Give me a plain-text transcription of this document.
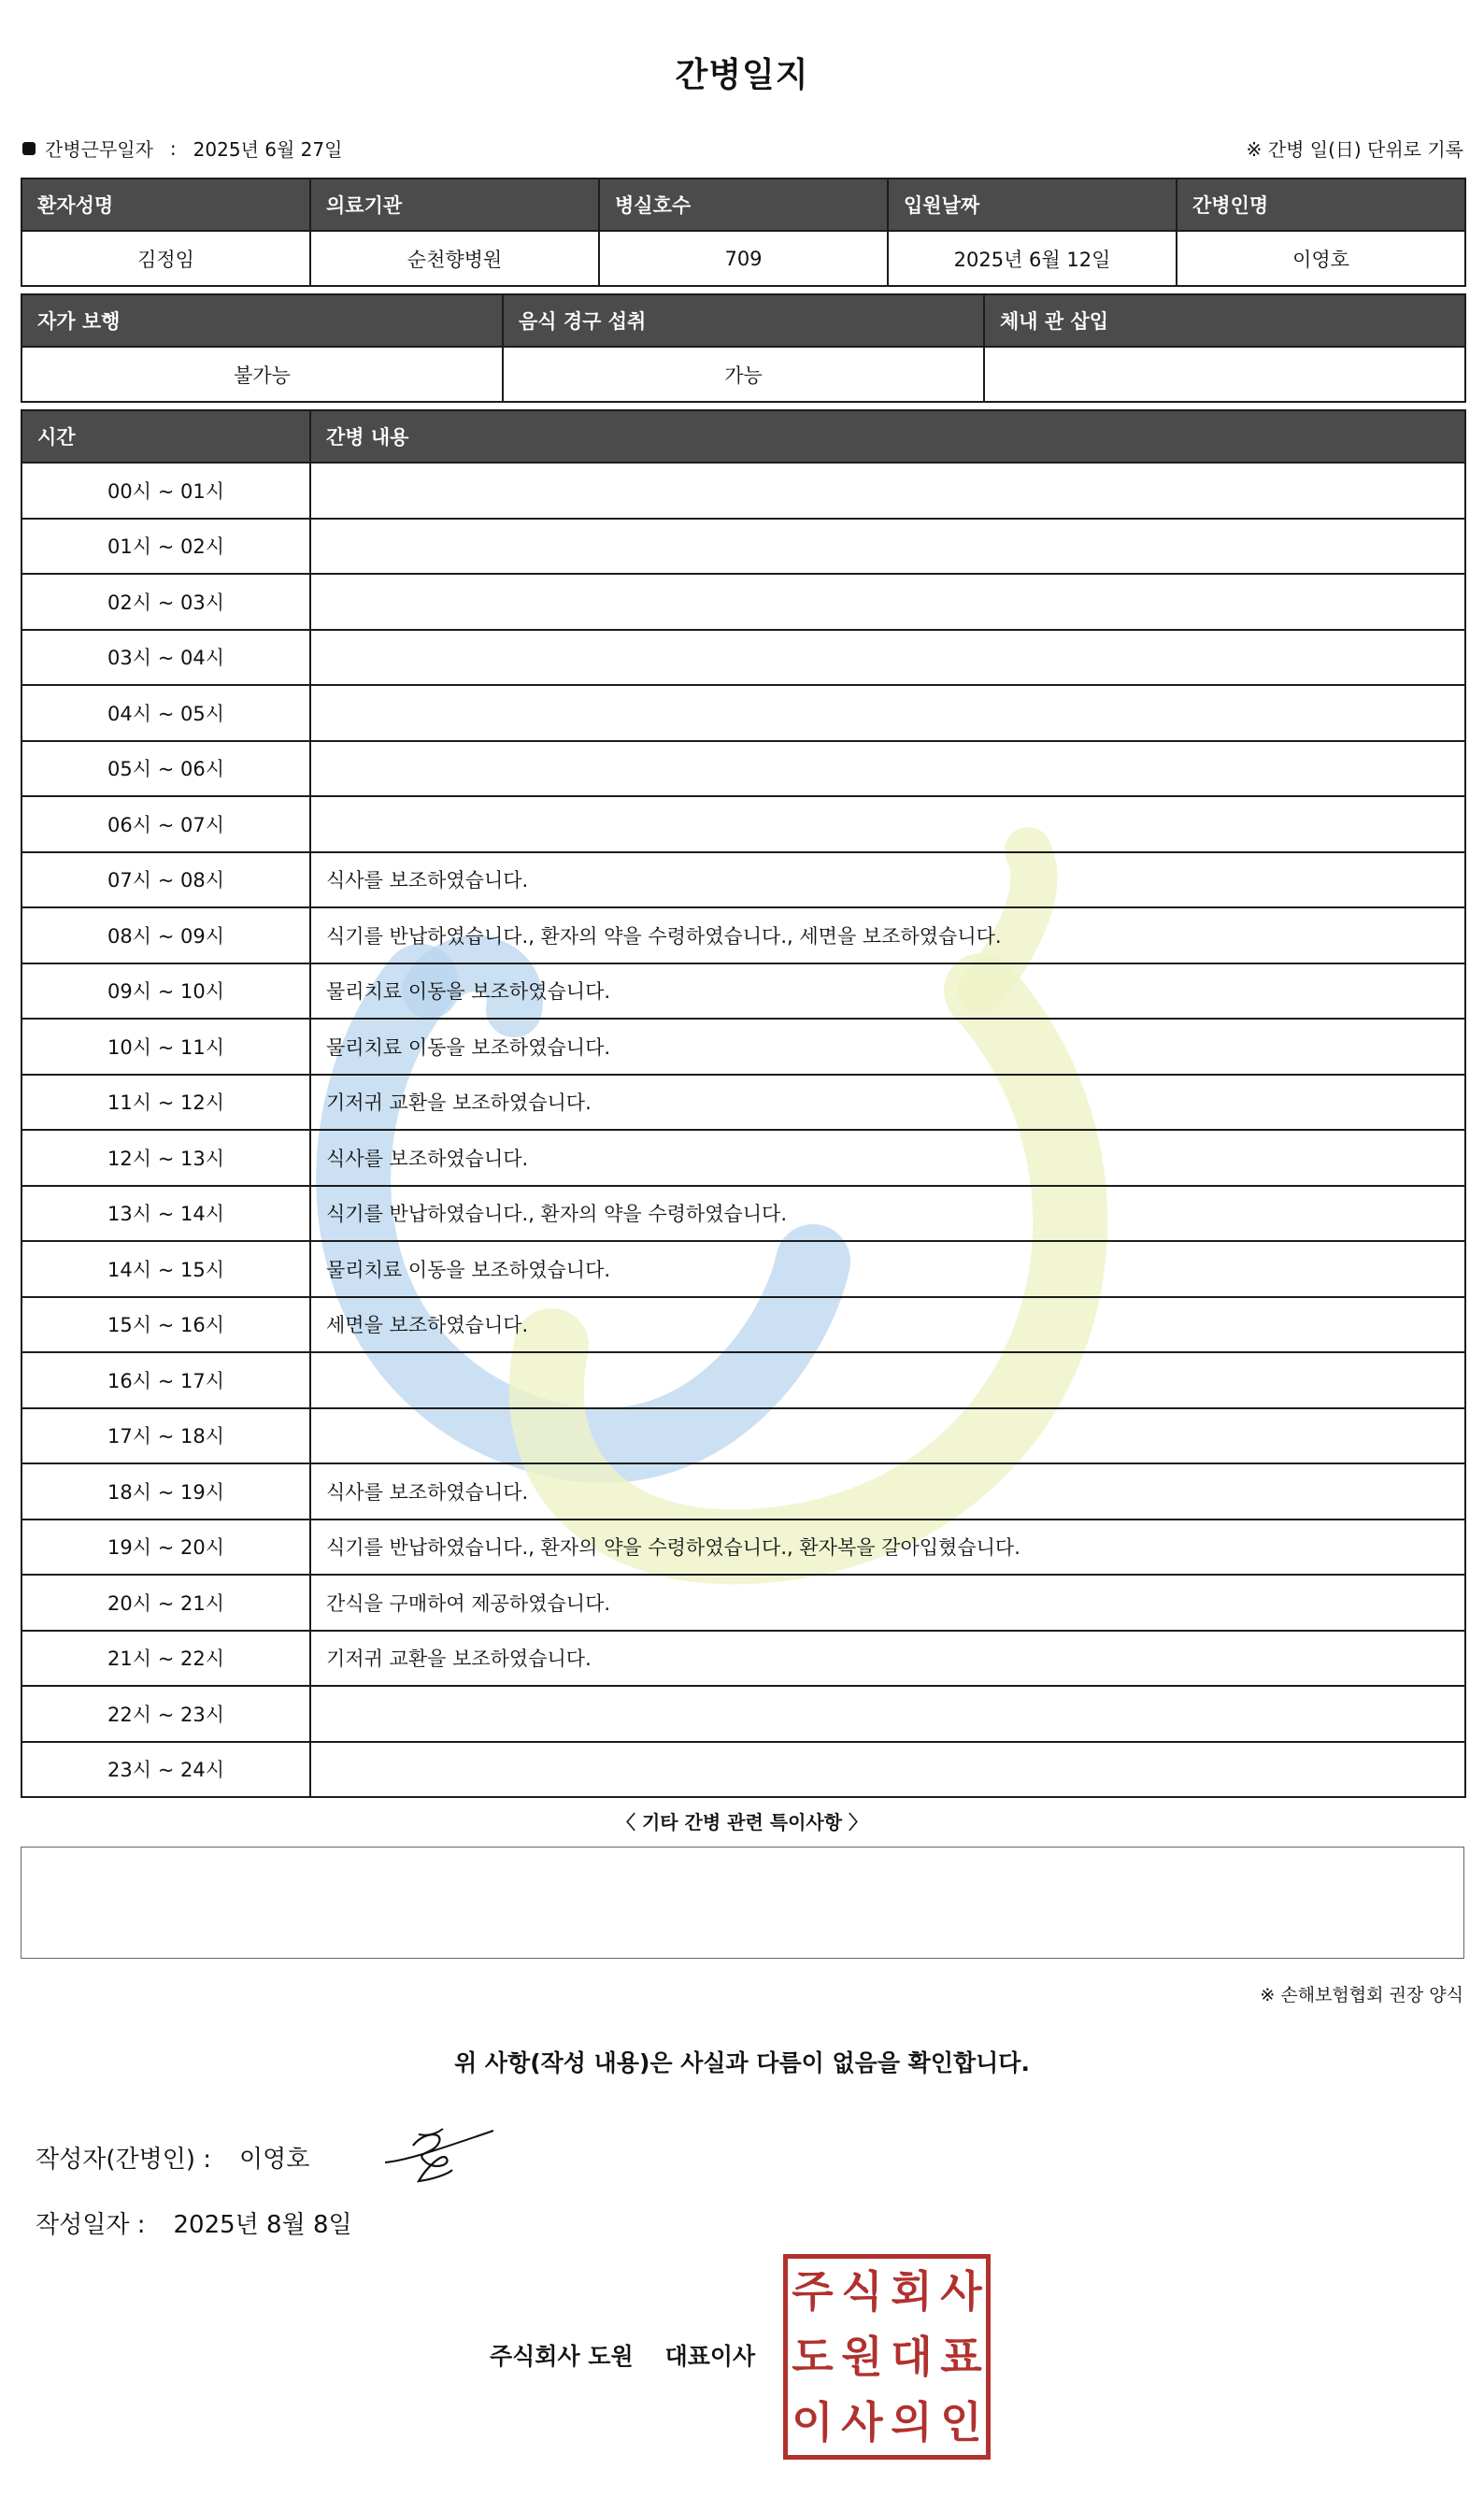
간병일지
간병근무일자 : 2025년 6월 27일	※ 간병 일(日) 단위로 기록
환자성명	의료기관	병실호수	입원날짜	간병인명
김정임	순천향병원	709	2025년 6월 12일	이영호
자가 보행	음식 경구 섭취	체내 관 삽입
불가능	가능	
시간	간병 내용
00시 ~ 01시	
01시 ~ 02시	
02시 ~ 03시	
03시 ~ 04시	
04시 ~ 05시	
05시 ~ 06시	
06시 ~ 07시	
07시 ~ 08시	식사를 보조하였습니다.
08시 ~ 09시	식기를 반납하였습니다., 환자의 약을 수령하였습니다., 세면을 보조하였습니다.
09시 ~ 10시	물리치료 이동을 보조하였습니다.
10시 ~ 11시	물리치료 이동을 보조하였습니다.
11시 ~ 12시	기저귀 교환을 보조하였습니다.
12시 ~ 13시	식사를 보조하였습니다.
13시 ~ 14시	식기를 반납하였습니다., 환자의 약을 수령하였습니다.
14시 ~ 15시	물리치료 이동을 보조하였습니다.
15시 ~ 16시	세면을 보조하였습니다.
16시 ~ 17시	
17시 ~ 18시	
18시 ~ 19시	식사를 보조하였습니다.
19시 ~ 20시	식기를 반납하였습니다., 환자의 약을 수령하였습니다., 환자복을 갈아입혔습니다.
20시 ~ 21시	간식을 구매하여 제공하였습니다.
21시 ~ 22시	기저귀 교환을 보조하였습니다.
22시 ~ 23시	
23시 ~ 24시	
〈 기타 간병 관련 특이사항 〉
※ 손해보험협회 권장 양식
위 사항(작성 내용)은 사실과 다름이 없음을 확인합니다.
작성자(간병인) : 이영호
작성일자 : 2025년 8월 8일
주식회사 도원 대표이사
주 식 회 사
도 원 대 표
이 사 의 인
